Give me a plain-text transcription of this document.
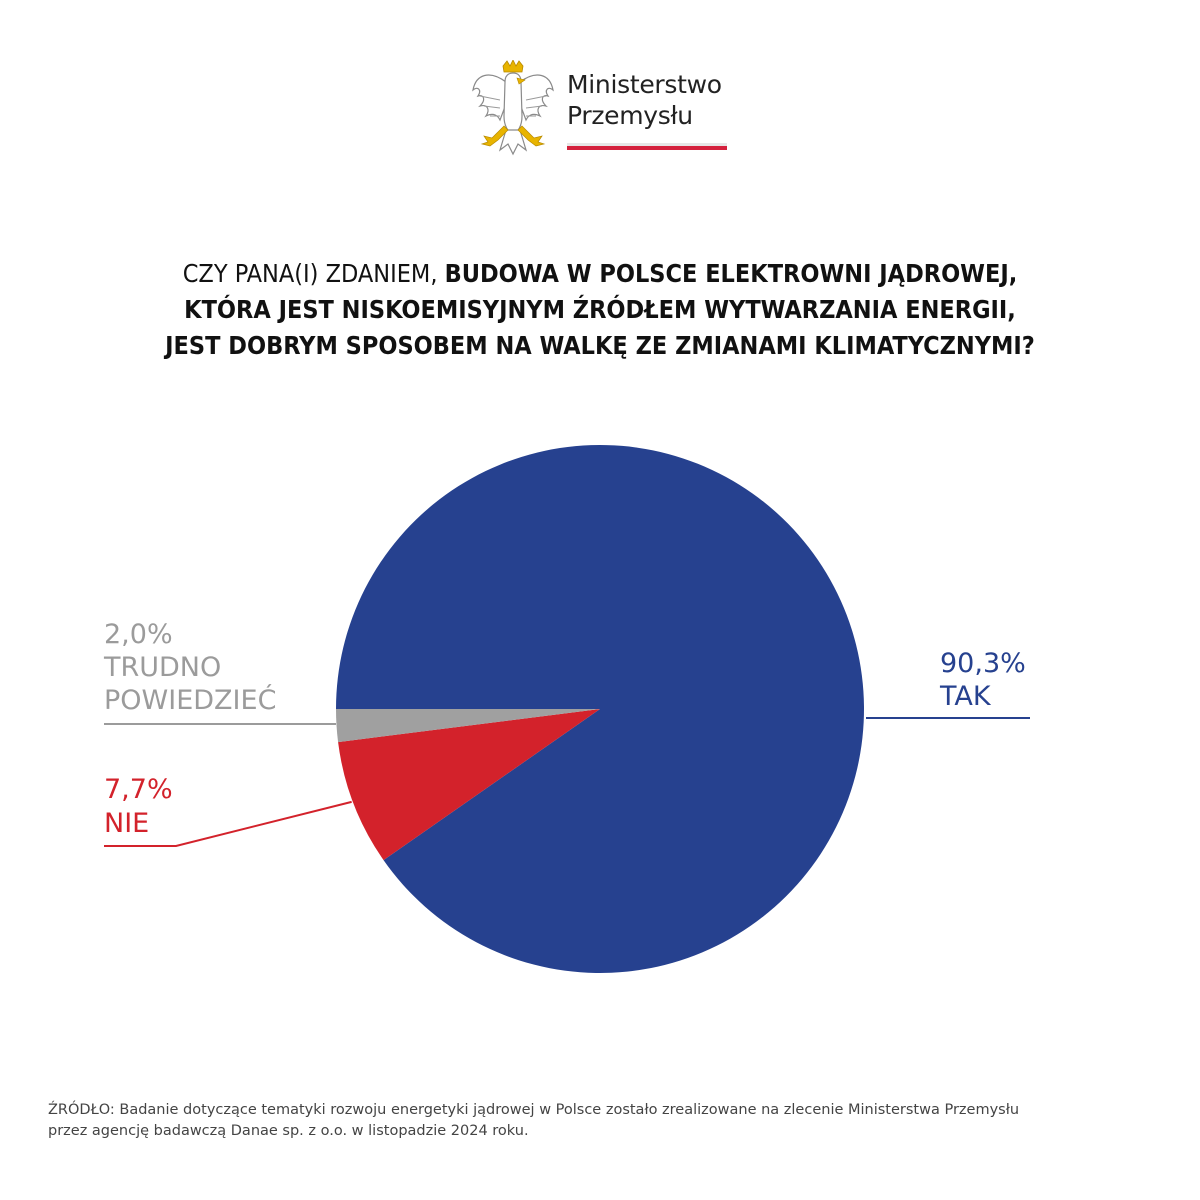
Ministerstwo
Przemysłu
CZY PANA(I) ZDANIEM, BUDOWA W POLSCE ELEKTROWNI JĄDROWEJ,
KTÓRA JEST NISKOEMISYJNYM ŹRÓDŁEM WYTWARZANIA ENERGII,
JEST DOBRYM SPOSOBEM NA WALKĘ ZE ZMIANAMI KLIMATYCZNYMI?
90,3%
TAK
7,7%
NIE
2,0%
TRUDNO
POWIEDZIEĆ
ŹRÓDŁO: Badanie dotyczące tematyki rozwoju energetyki jądrowej w Polsce zostało zrealizowane na zlecenie Ministerstwa Przemysłu
przez agencję badawczą Danae sp. z o.o. w listopadzie 2024 roku.
